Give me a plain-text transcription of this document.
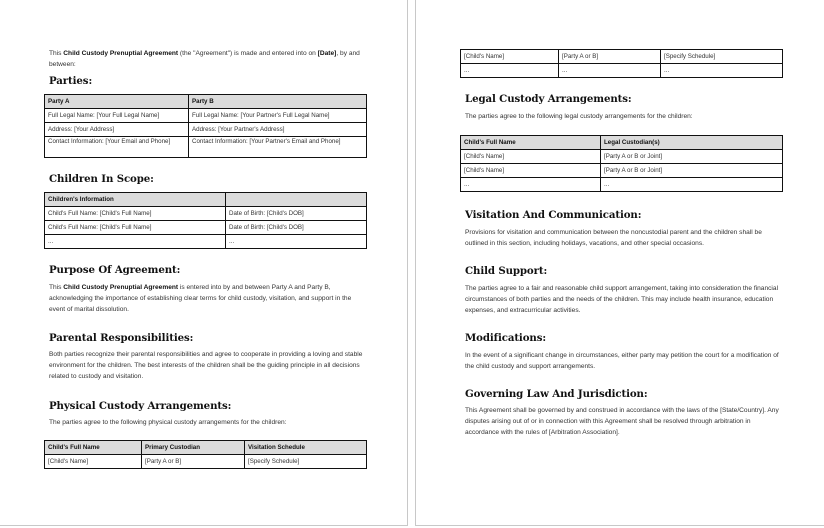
This Child Custody Prenuptial Agreement (the "Agreement") is made and entered into on [Date], by and between:

Parties:
Party A	Party B
Full Legal Name: [Your Full Legal Name]	Full Legal Name: [Your Partner's Full Legal Name]
Address: [Your Address]	Address: [Your Partner's Address]
Contact Information: [Your Email and Phone]	Contact Information: [Your Partner's Email and Phone]
Children In Scope:
Children's Information	
Child's Full Name: [Child's Full Name]	Date of Birth: [Child's DOB]
Child's Full Name: [Child's Full Name]	Date of Birth: [Child's DOB]
...	...
Purpose Of Agreement:

This Child Custody Prenuptial Agreement is entered into by and between Party A and Party B, acknowledging the importance of establishing clear terms for child custody, visitation, and support in the event of marital dissolution.

Parental Responsibilities:

Both parties recognize their parental responsibilities and agree to cooperate in providing a loving and stable environment for the children. The best interests of the children shall be the guiding principle in all decisions related to custody and visitation.

Physical Custody Arrangements:

The parties agree to the following physical custody arrangements for the children:

Child's Full Name	Primary Custodian	Visitation Schedule
[Child's Name]	[Party A or B]	[Specify Schedule]
[Child's Name]	[Party A or B]	[Specify Schedule]
...	...	...
Legal Custody Arrangements:

The parties agree to the following legal custody arrangements for the children:

Child's Full Name	Legal Custodian(s)
[Child's Name]	[Party A or B or Joint]
[Child's Name]	[Party A or B or Joint]
...	...
Visitation And Communication:

Provisions for visitation and communication between the noncustodial parent and the children shall be outlined in this section, including holidays, vacations, and other special occasions.

Child Support:

The parties agree to a fair and reasonable child support arrangement, taking into consideration the financial circumstances of both parties and the needs of the children. This may include health insurance, education expenses, and extracurricular activities.

Modifications:

In the event of a significant change in circumstances, either party may petition the court for a modification of the child custody and support arrangements.

Governing Law And Jurisdiction:

This Agreement shall be governed by and construed in accordance with the laws of the [State/Country]. Any disputes arising out of or in connection with this Agreement shall be resolved through arbitration in accordance with the rules of [Arbitration Association].
